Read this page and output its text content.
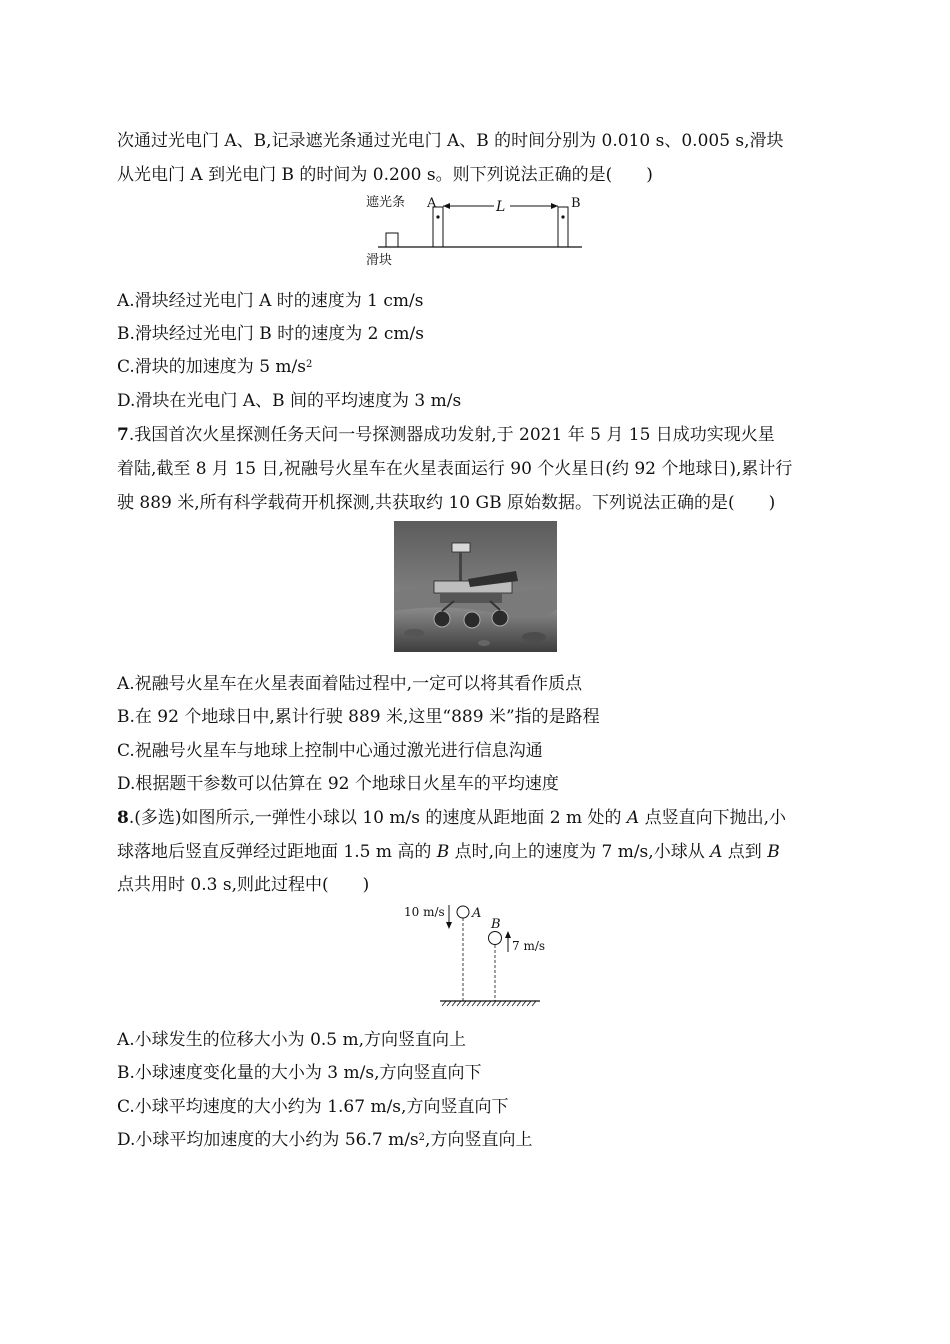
次通过光电门 A、B,记录遮光条通过光电门 A、B 的时间分别为 0.010 s、0.005 s,滑块
从光电门 A 到光电门 B 的时间为 0.200 s。则下列说法正确的是(　　)
遮光条
滑块
A	B
L
A.滑块经过光电门 A 时的速度为 1 cm/s
B.滑块经过光电门 B 时的速度为 2 cm/s
C.滑块的加速度为 5 $m/s^2$
D.滑块在光电门 A、B 间的平均速度为 3 m/s
7.我国首次火星探测任务天问一号探测器成功发射,于 2021 年 5 月 15 日成功实现火星
着陆,截至 8 月 15 日,祝融号火星车在火星表面运行 90 个火星日(约 92 个地球日),累计行
驶 889 米,所有科学载荷开机探测,共获取约 10 GB 原始数据。下列说法正确的是(　　)
A.祝融号火星车在火星表面着陆过程中,一定可以将其看作质点
B.在 92 个地球日中,累计行驶 889 米,这里“889 米”指的是路程
C.祝融号火星车与地球上控制中心通过激光进行信息沟通
D.根据题干参数可以估算在 92 个地球日火星车的平均速度
8.(多选)如图所示,一弹性小球以 10 m/s 的速度从距地面 2 m 处的 A 点竖直向下抛出,小
球落地后竖直反弹经过距地面 1.5 m 高的 B 点时,向上的速度为 7 m/s,小球从 A 点到 B
点共用时 0.3 s,则此过程中(　　)
10 m/s A
B
7 m/s
A.小球发生的位移大小为 0.5 m,方向竖直向上
B.小球速度变化量的大小为 3 m/s,方向竖直向下
C.小球平均速度的大小约为 1.67 m/s,方向竖直向下
D.小球平均加速度的大小约为 56.7 $m/s^2$,方向竖直向上
